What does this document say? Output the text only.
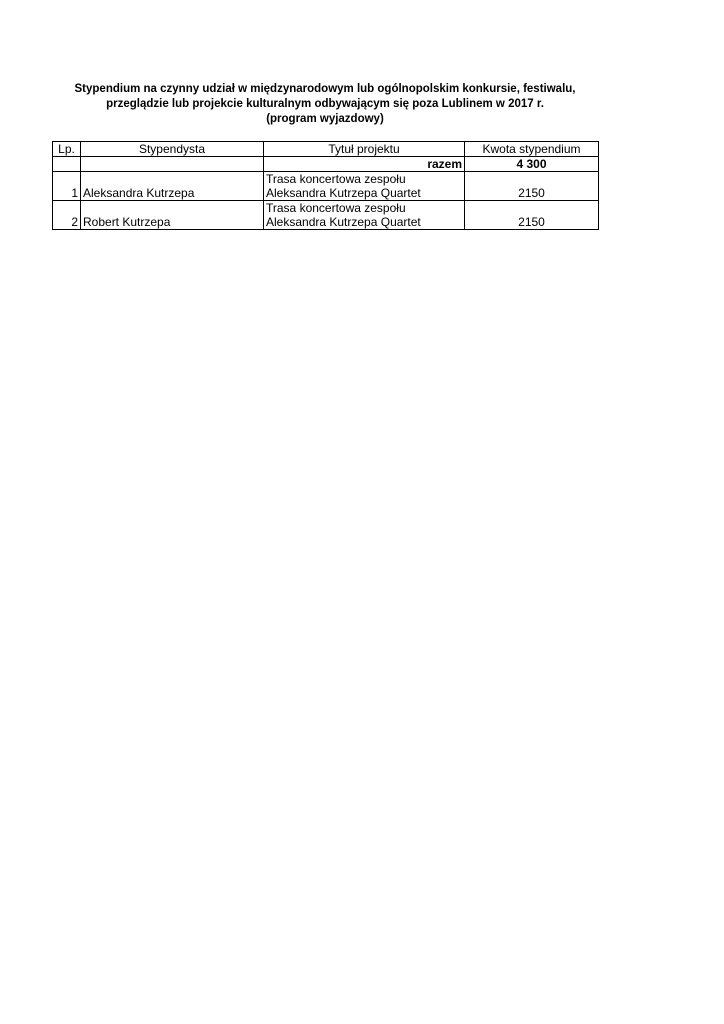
Stypendium na czynny udział w międzynarodowym lub ogólnopolskim konkursie, festiwalu,
przeglądzie lub projekcie kulturalnym odbywającym się poza Lublinem w 2017 r.
(program wyjazdowy)
Lp.	Stypendysta	Tytuł projektu	Kwota stypendium
		razem	4 300
1	Aleksandra Kutrzepa	Trasa koncertowa zespołu
Aleksandra Kutrzepa Quartet	2150
2	Robert Kutrzepa	Trasa koncertowa zespołu
Aleksandra Kutrzepa Quartet	2150
